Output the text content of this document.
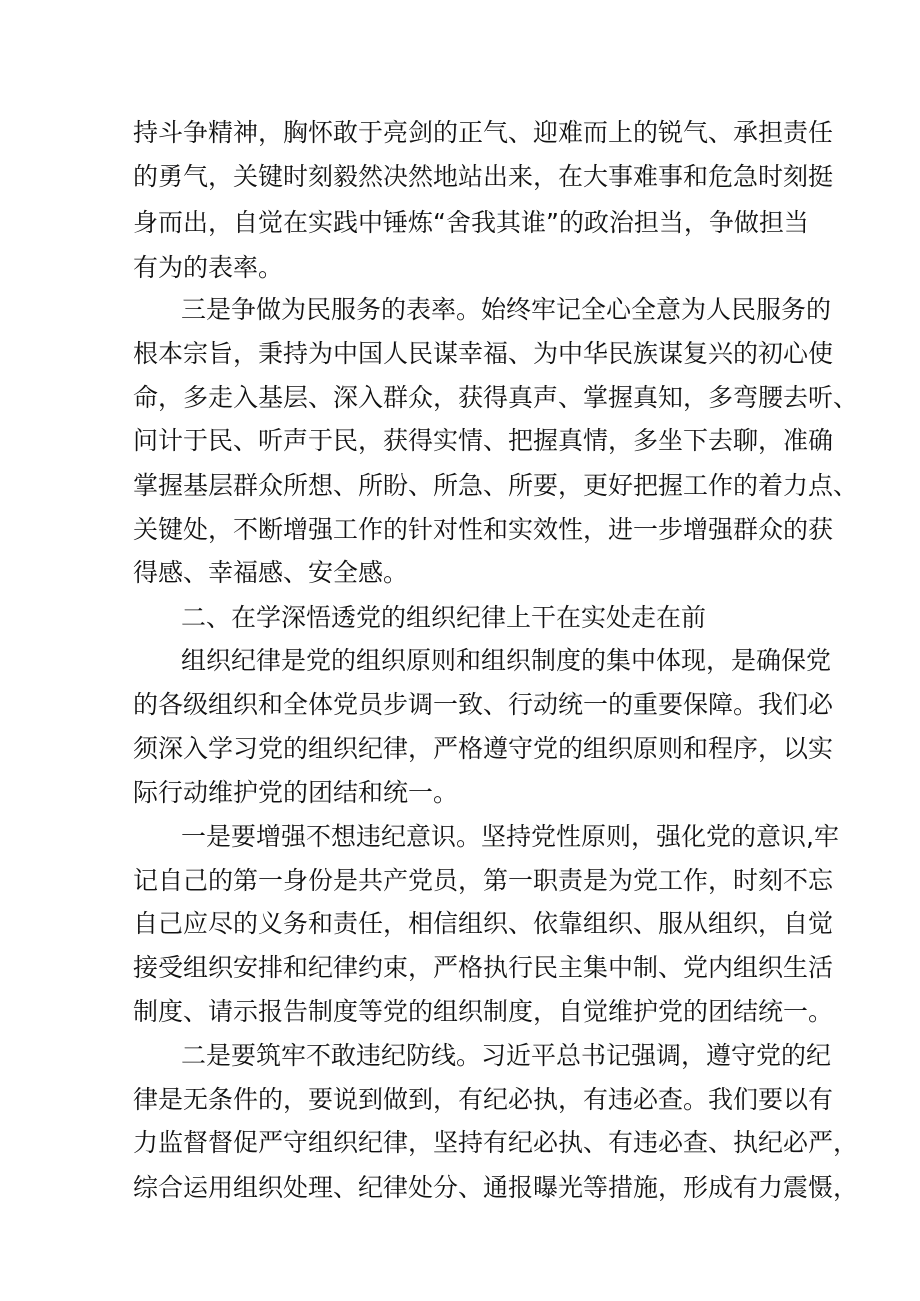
持斗争精神，胸怀敢于亮剑的正气、迎难而上的锐气、承担责任

的勇气，关键时刻毅然决然地站出来，在大事难事和危急时刻挺

身而出，自觉在实践中锤炼“舍我其谁”的政治担当，争做担当

有为的表率。

三是争做为民服务的表率。始终牢记全心全意为人民服务的

根本宗旨，秉持为中国人民谋幸福、为中华民族谋复兴的初心使

命，多走入基层、深入群众，获得真声、掌握真知，多弯腰去听、

问计于民、听声于民，获得实情、把握真情，多坐下去聊，准确

掌握基层群众所想、所盼、所急、所要，更好把握工作的着力点、

关键处，不断增强工作的针对性和实效性，进一步增强群众的获

得感、幸福感、安全感。

二、在学深悟透党的组织纪律上干在实处走在前

组织纪律是党的组织原则和组织制度的集中体现，是确保党

的各级组织和全体党员步调一致、行动统一的重要保障。我们必

须深入学习党的组织纪律，严格遵守党的组织原则和程序，以实

际行动维护党的团结和统一。

一是要增强不想违纪意识。坚持党性原则，强化党的意识,牢

记自己的第一身份是共产党员，第一职责是为党工作，时刻不忘

自己应尽的义务和责任，相信组织、依靠组织、服从组织，自觉

接受组织安排和纪律约束，严格执行民主集中制、党内组织生活

制度、请示报告制度等党的组织制度，自觉维护党的团结统一。

二是要筑牢不敢违纪防线。习近平总书记强调，遵守党的纪

律是无条件的，要说到做到，有纪必执，有违必查。我们要以有

力监督督促严守组织纪律，坚持有纪必执、有违必查、执纪必严，

综合运用组织处理、纪律处分、通报曝光等措施，形成有力震慑，
